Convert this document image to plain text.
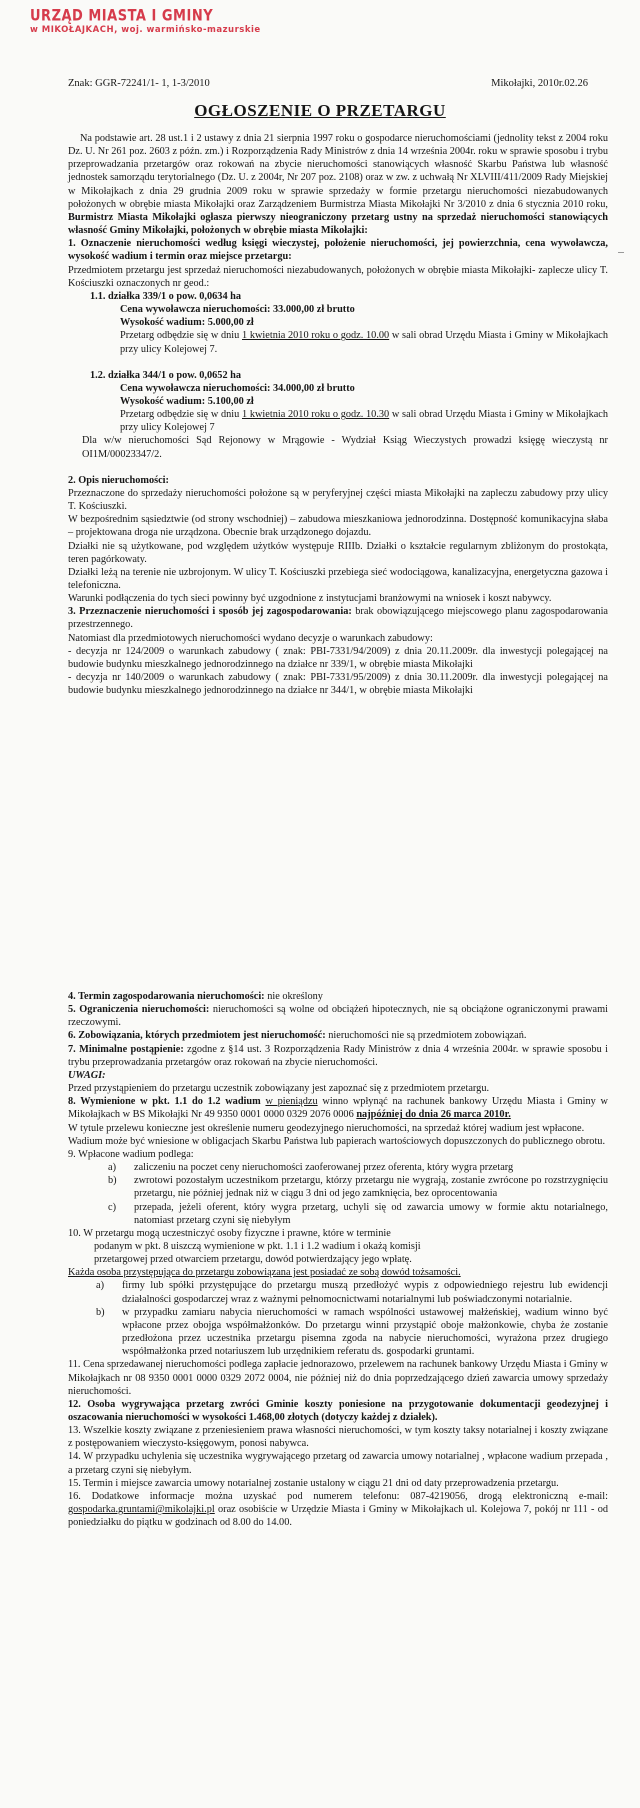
URZĄD MIASTA I GMINY
w MIKOŁAJKACH, woj. warmińsko-mazurskie
Znak: GGR-72241/1- 1, 1-3/2010	Mikołajki, 2010r.02.26
OGŁOSZENIE O PRZETARGU

Na podstawie art. 28 ust.1 i 2 ustawy z dnia 21 sierpnia 1997 roku o gospodarce nieruchomościami (jednolity tekst z 2004 roku Dz. U. Nr 261 poz. 2603 z późn. zm.) i Rozporządzenia Rady Ministrów z dnia 14 września 2004r. roku w sprawie sposobu i trybu przeprowadzania przetargów oraz rokowań na zbycie nieruchomości stanowiących własność Skarbu Państwa lub własność jednostek samorządu terytorialnego (Dz. U. z 2004r, Nr 207 poz. 2108) oraz w zw. z uchwałą Nr XLVIII/411/2009 Rady Miejskiej w Mikołajkach z dnia 29 grudnia 2009 roku w sprawie sprzedaży w formie przetargu nieruchomości niezabudowanych położonych w obrębie miasta Mikołajki oraz Zarządzeniem Burmistrza Miasta Mikołajki Nr 3/2010 z dnia 6 stycznia 2010 roku, Burmistrz Miasta Mikołajki ogłasza pierwszy nieograniczony przetarg ustny na sprzedaż nieruchomości stanowiących własność Gminy Mikołajki, położonych w obrębie miasta Mikołajki:

1. Oznaczenie nieruchomości według księgi wieczystej, położenie nieruchomości, jej powierzchnia, cena wywoławcza, wysokość wadium i termin oraz miejsce przetargu:

Przedmiotem przetargu jest sprzedaż nieruchomości niezabudowanych, położonych w obrębie miasta Mikołajki- zaplecze ulicy T. Kościuszki oznaczonych nr geod.:

1.1. działka 339/1 o pow. 0,0634 ha

Cena wywoławcza nieruchomości: 33.000,00 zł brutto

Wysokość wadium: 5.000,00 zł

Przetarg odbędzie się w dniu 1 kwietnia 2010 roku o godz. 10.00 w sali obrad Urzędu Miasta i Gminy w Mikołajkach przy ulicy Kolejowej 7.

1.2. działka 344/1 o pow. 0,0652 ha

Cena wywoławcza nieruchomości: 34.000,00 zł brutto

Wysokość wadium: 5.100,00 zł

Przetarg odbędzie się w dniu 1 kwietnia 2010 roku o godz. 10.30 w sali obrad Urzędu Miasta i Gminy w Mikołajkach przy ulicy Kolejowej 7

Dla w/w nieruchomości Sąd Rejonowy w Mrągowie - Wydział Ksiąg Wieczystych prowadzi księgę wieczystą nr OI1M/00023347/2.

2. Opis nieruchomości:

Przeznaczone do sprzedaży nieruchomości położone są w peryferyjnej części miasta Mikołajki na zapleczu zabudowy przy ulicy T. Kościuszki.

W bezpośrednim sąsiedztwie (od strony wschodniej) – zabudowa mieszkaniowa jednorodzinna. Dostępność komunikacyjna słaba – projektowana droga nie urządzona. Obecnie brak urządzonego dojazdu.

Działki nie są użytkowane, pod względem użytków występuje RIIIb. Działki o kształcie regularnym zbliżonym do prostokąta, teren pagórkowaty.

Działki leżą na terenie nie uzbrojonym. W ulicy T. Kościuszki przebiega sieć wodociągowa, kanalizacyjna, energetyczna gazowa i telefoniczna.

Warunki podłączenia do tych sieci powinny być uzgodnione z instytucjami branżowymi na wniosek i koszt nabywcy.

3. Przeznaczenie nieruchomości i sposób jej zagospodarowania: brak obowiązującego miejscowego planu zagospodarowania przestrzennego.

Natomiast dla przedmiotowych nieruchomości wydano decyzje o warunkach zabudowy:

- decyzja nr 124/2009 o warunkach zabudowy ( znak: PBI-7331/94/2009) z dnia 20.11.2009r. dla inwestycji polegającej na budowie budynku mieszkalnego jednorodzinnego na działce nr 339/1, w obrębie miasta Mikołajki

- decyzja nr 140/2009 o warunkach zabudowy ( znak: PBI-7331/95/2009) z dnia 30.11.2009r. dla inwestycji polegającej na budowie budynku mieszkalnego jednorodzinnego na działce nr 344/1, w obrębie miasta Mikołajki

4. Termin zagospodarowania nieruchomości: nie określony

5. Ograniczenia nieruchomości: nieruchomości są wolne od obciążeń hipotecznych, nie są obciążone ograniczonymi prawami rzeczowymi.

6. Zobowiązania, których przedmiotem jest nieruchomość: nieruchomości nie są przedmiotem zobowiązań.

7. Minimalne postąpienie: zgodne z §14 ust. 3 Rozporządzenia Rady Ministrów z dnia 4 września 2004r. w sprawie sposobu i trybu przeprowadzania przetargów oraz rokowań na zbycie nieruchomości.

UWAGI:

Przed przystąpieniem do przetargu uczestnik zobowiązany jest zapoznać się z przedmiotem przetargu.

8. Wymienione w pkt. 1.1 do 1.2 wadium w pieniądzu winno wpłynąć na rachunek bankowy Urzędu Miasta i Gminy w Mikołajkach w BS Mikołajki Nr 49 9350 0001 0000 0329 2076 0006 najpóźniej do dnia 26 marca 2010r.

W tytule przelewu konieczne jest określenie numeru geodezyjnego nieruchomości, na sprzedaż której wadium jest wpłacone.

Wadium może być wniesione w obligacjach Skarbu Państwa lub papierach wartościowych dopuszczonych do publicznego obrotu.

9. Wpłacone wadium podlega:

a) zaliczeniu na poczet ceny nieruchomości zaoferowanej przez oferenta, który wygra przetarg
b) zwrotowi pozostałym uczestnikom przetargu, którzy przetargu nie wygrają, zostanie zwrócone po rozstrzygnięciu przetargu, nie później jednak niż w ciągu 3 dni od jego zamknięcia, bez oprocentowania
c) przepada, jeżeli oferent, który wygra przetarg, uchyli się od zawarcia umowy w formie aktu notarialnego, natomiast przetarg czyni się niebyłym

10. W przetargu mogą uczestniczyć osoby fizyczne i prawne, które w terminie

podanym w pkt. 8 uiszczą wymienione w pkt. 1.1 i 1.2 wadium i okażą komisji

przetargowej przed otwarciem przetargu, dowód potwierdzający jego wpłatę.

Każda osoba przystępująca do przetargu zobowiązana jest posiadać ze sobą dowód tożsamości.

a) firmy lub spółki przystępujące do przetargu muszą przedłożyć wypis z odpowiedniego rejestru lub ewidencji działalności gospodarczej wraz z ważnymi pełnomocnictwami notarialnymi lub poświadczonymi notarialnie.
b) w przypadku zamiaru nabycia nieruchomości w ramach wspólności ustawowej małżeńskiej, wadium winno być wpłacone przez obojga współmałżonków. Do przetargu winni przystąpić oboje małżonkowie, chyba że zostanie przedłożona przez uczestnika przetargu pisemna zgoda na nabycie nieruchomości, wyrażona przez drugiego współmałżonka przed notariuszem lub urzędnikiem referatu ds. gospodarki gruntami.

11. Cena sprzedawanej nieruchomości podlega zapłacie jednorazowo, przelewem na rachunek bankowy Urzędu Miasta i Gminy w Mikołajkach nr 08 9350 0001 0000 0329 2072 0004, nie później niż do dnia poprzedzającego dzień zawarcia umowy sprzedaży nieruchomości.

12. Osoba wygrywająca przetarg zwróci Gminie koszty poniesione na przygotowanie dokumentacji geodezyjnej i oszacowania nieruchomości w wysokości 1.468,00 złotych (dotyczy każdej z działek).

13. Wszelkie koszty związane z przeniesieniem prawa własności nieruchomości, w tym koszty taksy notarialnej i koszty związane z postępowaniem wieczysto-księgowym, ponosi nabywca.

14. W przypadku uchylenia się uczestnika wygrywającego przetarg od zawarcia umowy notarialnej , wpłacone wadium przepada , a przetarg czyni się niebyłym.

15. Termin i miejsce zawarcia umowy notarialnej zostanie ustalony w ciągu 21 dni od daty przeprowadzenia przetargu.

16. Dodatkowe informacje można uzyskać pod numerem telefonu: 087-4219056, drogą elektroniczną e-mail: gospodarka.gruntami@mikolajki.pl oraz osobiście w Urzędzie Miasta i Gminy w Mikołajkach ul. Kolejowa 7, pokój nr 111 - od poniedziałku do piątku w godzinach od 8.00 do 14.00.
